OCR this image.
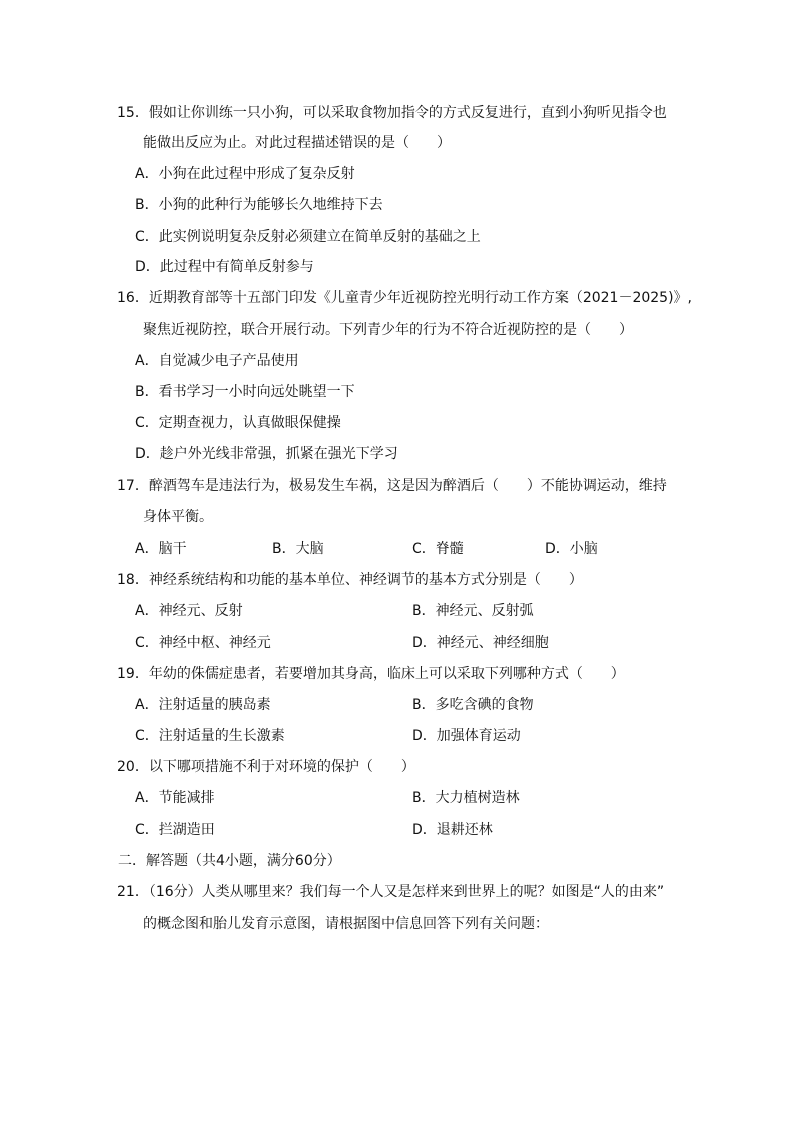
15．假如让你训练一只小狗，可以采取食物加指令的方式反复进行，直到小狗听见指令也
能做出反应为止。对此过程描述错误的是（　　）
A．小狗在此过程中形成了复杂反射
B．小狗的此种行为能够长久地维持下去
C．此实例说明复杂反射必须建立在简单反射的基础之上
D．此过程中有简单反射参与
16．近期教育部等十五部门印发《儿童青少年近视防控光明行动工作方案（2021－2025)》,
聚焦近视防控，联合开展行动。下列青少年的行为不符合近视防控的是（　　）
A．自觉减少电子产品使用
B．看书学习一小时向远处眺望一下
C．定期查视力，认真做眼保健操
D．趁户外光线非常强，抓紧在强光下学习
17．醉酒驾车是违法行为，极易发生车祸，这是因为醉酒后（　　）不能协调运动，维持
身体平衡。
A．脑干	B．大脑	C．脊髓	D．小脑
18．神经系统结构和功能的基本单位、神经调节的基本方式分别是（　　）
A．神经元、反射	B．神经元、反射弧
C．神经中枢、神经元	D．神经元、神经细胞
19．年幼的侏儒症患者，若要增加其身高，临床上可以采取下列哪种方式（　　）
A．注射适量的胰岛素	B．多吃含碘的食物
C．注射适量的生长激素	D．加强体育运动
20．以下哪项措施不利于对环境的保护（　　）
A．节能减排	B．大力植树造林
C．拦湖造田	D．退耕还林
二．解答题（共4小题，满分60分）
21．（16分）人类从哪里来？我们每一个人又是怎样来到世界上的呢？如图是“人的由来”
的概念图和胎儿发育示意图，请根据图中信息回答下列有关问题：
